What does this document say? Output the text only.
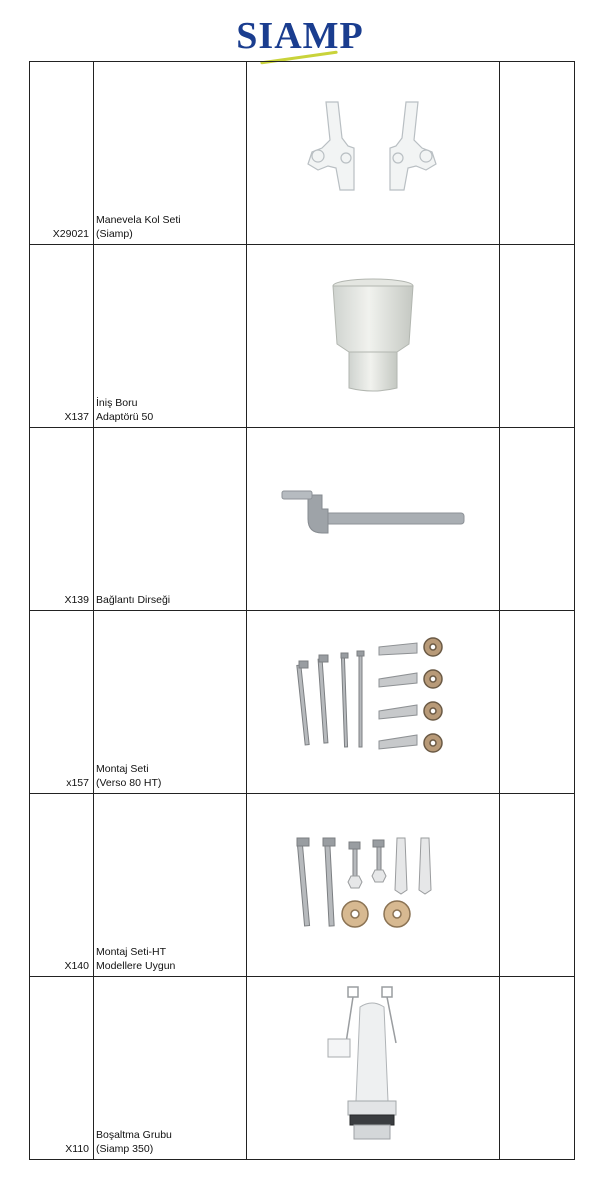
SIAMP
X29021	Manevela Kol Seti
(Siamp)

X137	İniş Boru
Adaptörü 50

X139	Bağlantı Dirseği

x157	Montaj Seti
(Verso 80 HT)

X140	Montaj Seti-HT
Modellere Uygun

X110	Boşaltma Grubu
(Siamp 350)
